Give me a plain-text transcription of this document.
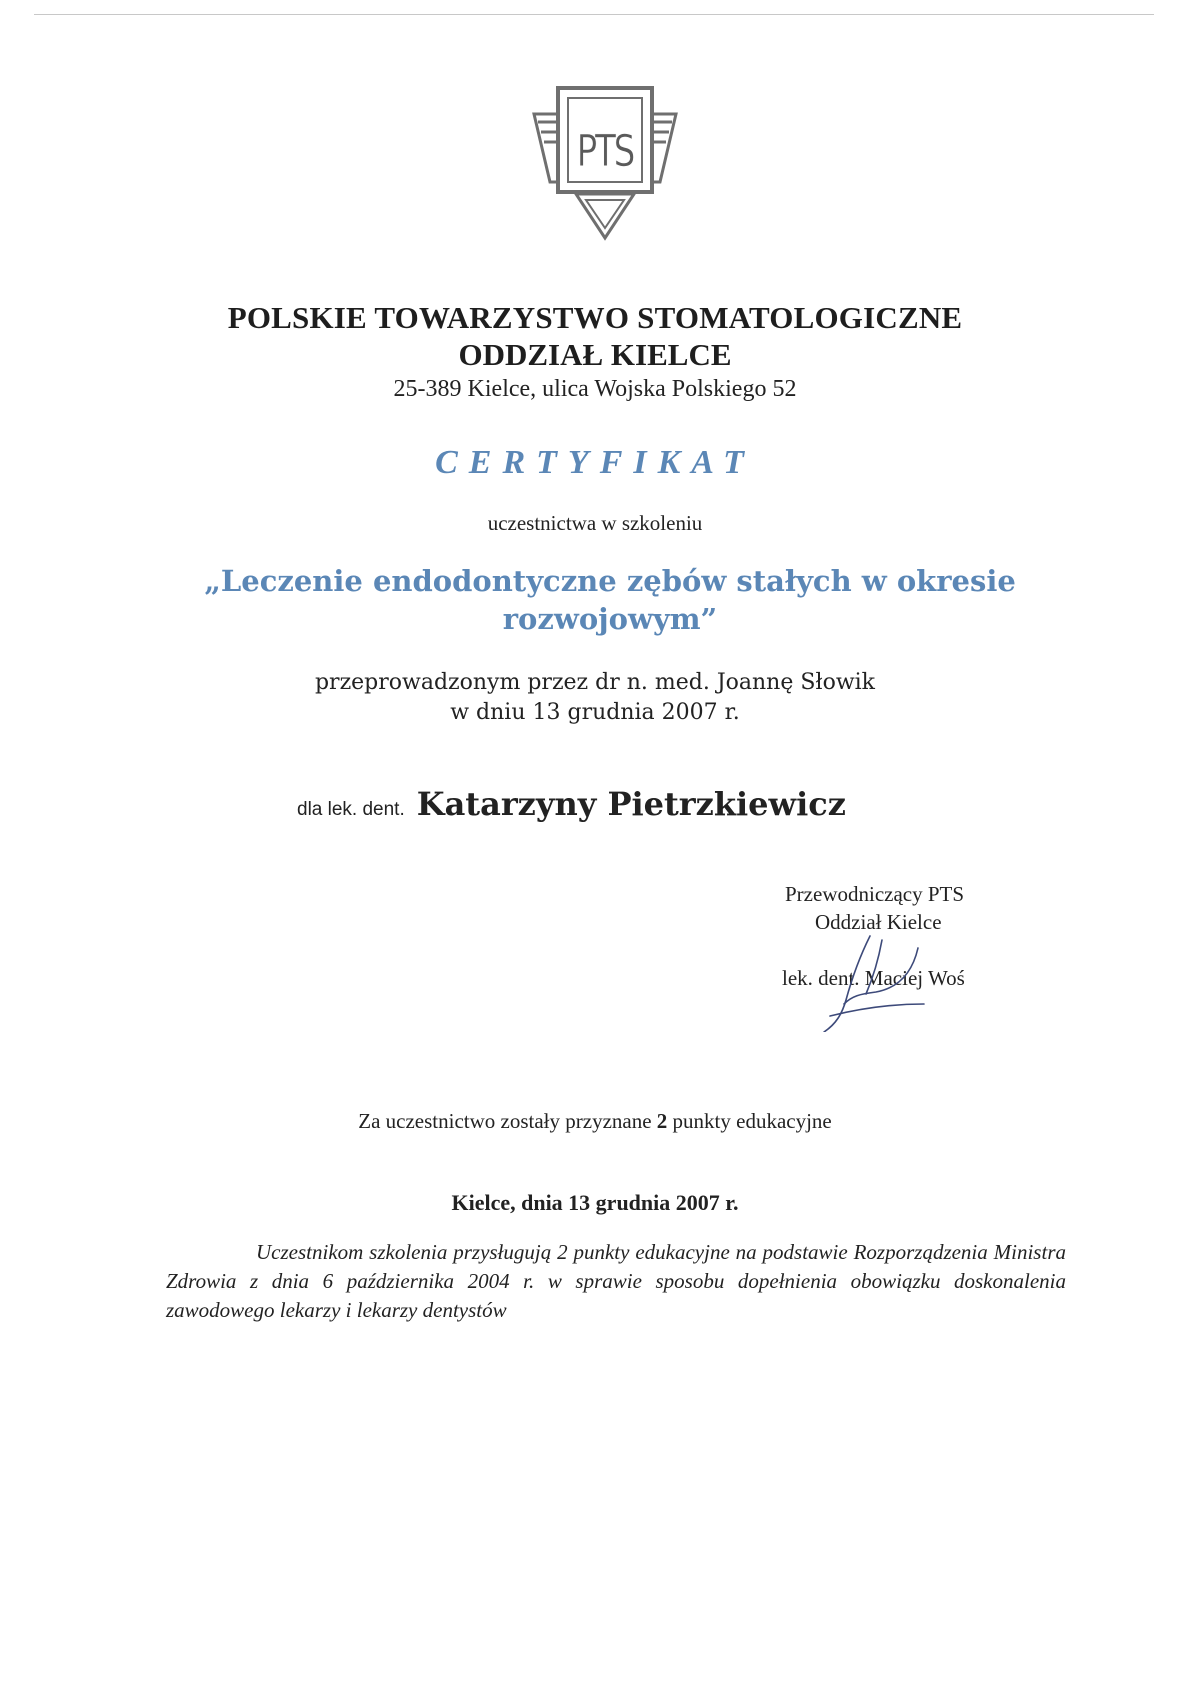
PTS
POLSKIE TOWARZYSTWO STOMATOLOGICZNE
ODDZIAŁ KIELCE
25-389 Kielce, ulica Wojska Polskiego 52
CERTYFIKAT
uczestnictwa w szkoleniu
„Leczenie endodontyczne zębów stałych w okresie
rozwojowym”
przeprowadzonym przez dr n. med. Joannę Słowik
w dniu 13 grudnia 2007 r.
dla lek. dent. Katarzyny Pietrzkiewicz
Przewodniczący PTS
Oddział Kielce
lek. dent. Maciej Woś
Za uczestnictwo zostały przyznane 2 punkty edukacyjne
Kielce, dnia 13 grudnia 2007 r.
Uczestnikom szkolenia przysługują 2 punkty edukacyjne na podstawie Rozporządzenia Ministra Zdrowia z dnia 6 października 2004 r. w sprawie sposobu dopełnienia obowiązku doskonalenia zawodowego lekarzy i lekarzy dentystów
